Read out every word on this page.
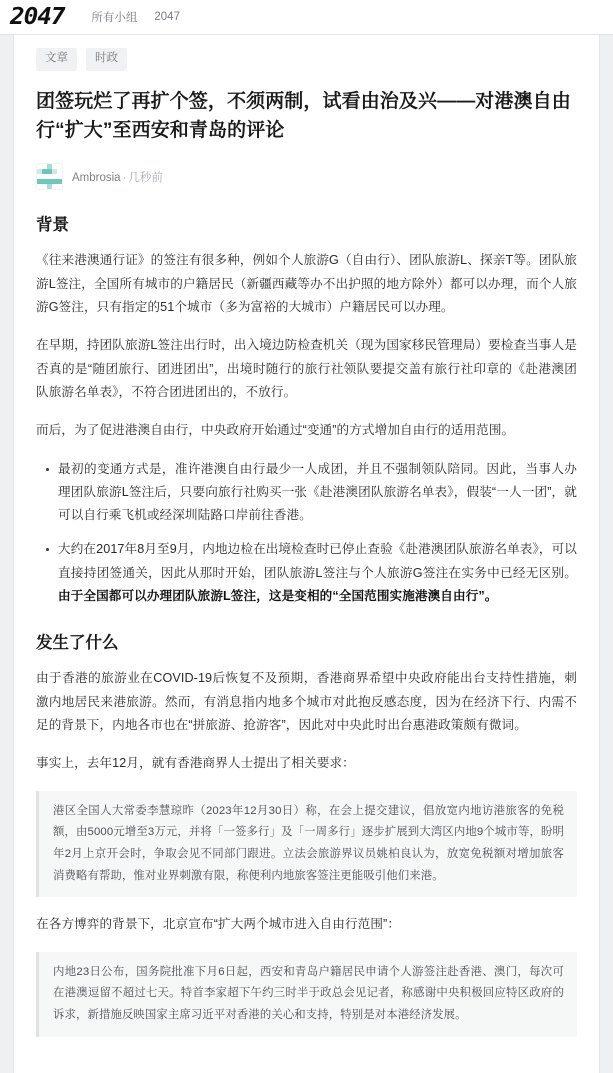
2047	所有小组 2047
文章	时政
团签玩烂了再扩个签，不须两制，试看由治及兴——对港澳自由行“扩大”至西安和青岛的评论
Ambrosia · 几秒前
背景

《往来港澳通行证》的签注有很多种，例如个人旅游G（自由行）、团队旅游L、探亲T等。团队旅游L签注，全国所有城市的户籍居民（新疆西藏等办不出护照的地方除外）都可以办理，而个人旅游G签注，只有指定的51个城市（多为富裕的大城市）户籍居民可以办理。

在早期，持团队旅游L签注出行时，出入境边防检查机关（现为国家移民管理局）要检查当事人是否真的是“随团旅行、团进团出”，出境时随行的旅行社领队要提交盖有旅行社印章的《赴港澳团队旅游名单表》，不符合团进团出的，不放行。

而后，为了促进港澳自由行，中央政府开始通过“变通”的方式增加自由行的适用范围。

最初的变通方式是，准许港澳自由行最少一人成团，并且不强制领队陪同。因此，当事人办理团队旅游L签注后，只要向旅行社购买一张《赴港澳团队旅游名单表》，假装“一人一团”，就可以自行乘飞机或经深圳陆路口岸前往香港。
大约在2017年8月至9月，内地边检在出境检查时已停止查验《赴港澳团队旅游名单表》，可以直接持团签通关，因此从那时开始，团队旅游L签注与个人旅游G签注在实务中已经无区别。由于全国都可以办理团队旅游L签注，这是变相的“全国范围实施港澳自由行”。
发生了什么

由于香港的旅游业在COVID-19后恢复不及预期，香港商界希望中央政府能出台支持性措施，刺激内地居民来港旅游。然而，有消息指内地多个城市对此抱反感态度，因为在经济下行、内需不足的背景下，内地各市也在“拼旅游、抢游客”，因此对中央此时出台惠港政策颇有微词。

事实上，去年12月，就有香港商界人士提出了相关要求：

港区全国人大常委李慧琼昨（2023年12月30日）称，在会上提交建议，倡放宽内地访港旅客的免税额，由5000元增至3万元，并将「一签多行」及「一周多行」逐步扩展到大湾区内地9个城市等，盼明年2月上京开会时，争取会见不同部门跟进。立法会旅游界议员姚柏良认为，放宽免税额对增加旅客消费略有帮助，惟对业界刺激有限，称便利内地旅客签注更能吸引他们来港。

在各方博弈的背景下，北京宣布“扩大两个城市进入自由行范围”：

内地23日公布，国务院批准下月6日起，西安和青岛户籍居民申请个人游签注赴香港、澳门，每次可在港澳逗留不超过七天。特首李家超下午约三时半于政总会见记者，称感谢中央积极回应特区政府的诉求，新措施反映国家主席习近平对香港的关心和支持，特别是对本港经济发展。
